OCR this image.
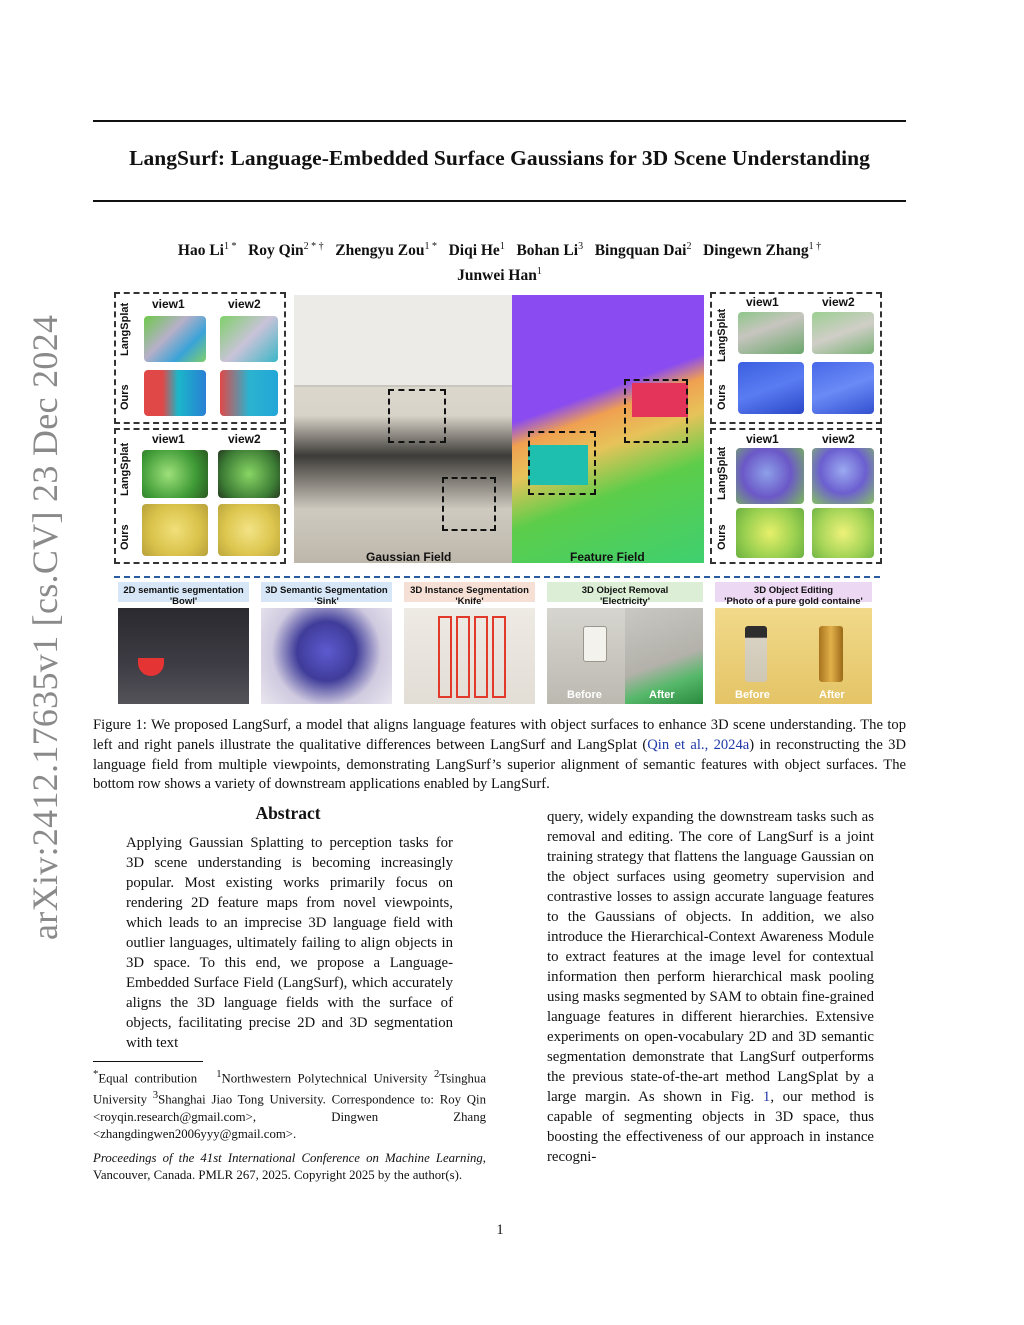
arXiv:2412.17635v1 [cs.CV] 23 Dec 2024
LangSurf: Language-Embedded Surface Gaussians for 3D Scene Understanding
Hao $Li^{1 *}$ Roy Qin$^{2 * \dagger}$ Zhengyu Zou$^{1 *}$ Diqi He$^1$ Bohan Li$^3$ Bingquan Dai$^2$ Dingewn Zhang$^{1 \dagger}$
Junwei Han$^1$
view1	view2
LangSplat
Ours
view1	view2
LangSplat
Ours
Gaussian Field	Feature Field
view1	view2
LangSplat
Ours
view1	view2
LangSplat
Ours
2D semantic segmentation
'Bowl'
3D Semantic Segmentation
'Sink'
3D Instance Segmentation
'Knife'
3D Object Removal
'Electricity'
Before	After
3D Object Editing
'Photo of a pure gold containe'
Before	After
Figure 1: We proposed LangSurf, a model that aligns language features with object surfaces to enhance 3D scene understanding. The top left and right panels illustrate the qualitative differences between LangSurf and LangSplat (Qin et al., 2024a) in reconstructing the 3D language field from multiple viewpoints, demonstrating LangSurf’s superior alignment of semantic features with object surfaces. The bottom row shows a variety of downstream applications enabled by LangSurf.
Abstract
Applying Gaussian Splatting to perception tasks for 3D scene understanding is becoming increasingly popular. Most existing works primarily focus on rendering 2D feature maps from novel viewpoints, which leads to an imprecise 3D language field with outlier languages, ultimately failing to align objects in 3D space. To this end, we propose a Language-Embedded Surface Field (LangSurf), which accurately aligns the 3D language fields with the surface of objects, facilitating precise 2D and 3D segmentation with text
query, widely expanding the downstream tasks such as removal and editing. The core of LangSurf is a joint training strategy that flattens the language Gaussian on the object surfaces using geometry supervision and contrastive losses to assign accurate language features to the Gaussians of objects. In addition, we also introduce the Hierarchical-Context Awareness Module to extract features at the image level for contextual information then perform hierarchical mask pooling using masks segmented by SAM to obtain fine-grained language features in different hierarchies. Extensive experiments on open-vocabulary 2D and 3D semantic segmentation demonstrate that LangSurf outperforms the previous state-of-the-art method LangSplat by a large margin. As shown in Fig. 1, our method is capable of segmenting objects in 3D space, thus boosting the effectiveness of our approach in instance recogni-
*Equal contribution $^1$Northwestern Polytechnical University $^2$Tsinghua University $^3$Shanghai Jiao Tong University. Correspondence to: Roy Qin <royqin.research@gmail.com>, Dingwen Zhang <zhangdingwen2006yyy@gmail.com>.
Proceedings of the 41st International Conference on Machine Learning, Vancouver, Canada. PMLR 267, 2025. Copyright 2025 by the author(s).
1
